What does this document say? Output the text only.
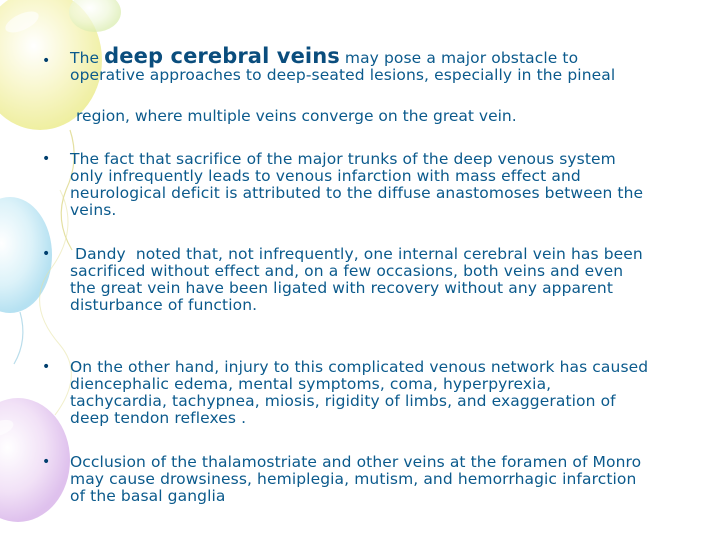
• The deep cerebral veins may pose a major obstacle to operative approaches to deep-seated lesions, especially in the pineal
region, where multiple veins converge on the great vein.
• The fact that sacrifice of the major trunks of the deep venous system only infrequently leads to venous infarction with mass effect and neurological deficit is attributed to the diffuse anastomoses between the veins.
• Dandy  noted that, not infrequently, one internal cerebral vein has been sacrificed without effect and, on a few occasions, both veins and even the great vein have been ligated with recovery without any apparent disturbance of function.
• On the other hand, injury to this complicated venous network has caused diencephalic edema, mental symptoms, coma, hyperpyrexia, tachycardia, tachypnea, miosis, rigidity of limbs, and exaggeration of deep tendon reflexes .
• Occlusion of the thalamostriate and other veins at the foramen of Monro may cause drowsiness, hemiplegia, mutism, and hemorrhagic infarction of the basal ganglia
